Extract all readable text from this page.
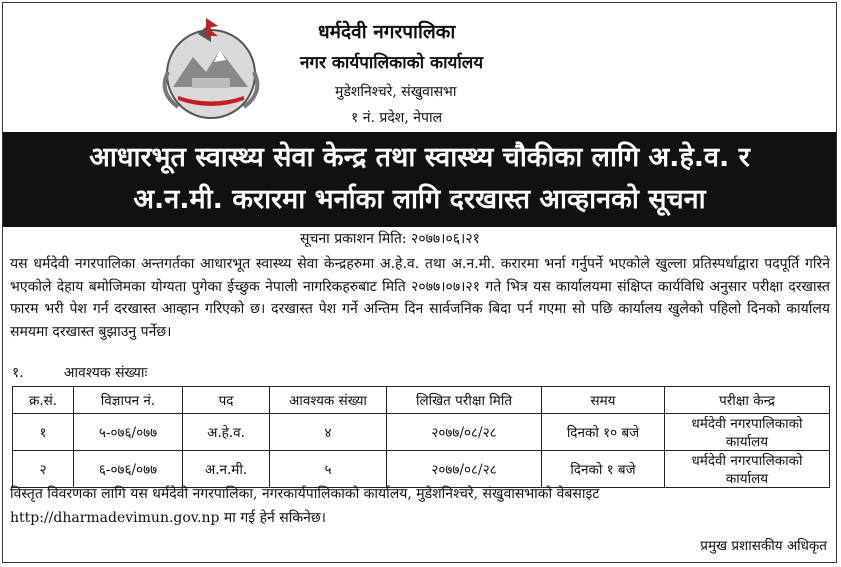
धर्मदेवी नगरपालिका
नगर कार्यपालिकाको कार्यालय
मुडेशनिश्चरे, संखुवासभा
१ नं. प्रदेश, नेपाल
आधारभूत स्वास्थ्य सेवा केन्द्र तथा स्वास्थ्य चौकीका लागि अ.हे.व. र
अ.न.मी. करारमा भर्नाका लागि दरखास्त आव्हानको सूचना
सूचना प्रकाशन मिति: २०७७।०६।२१
यस धर्मदेवी नगरपालिका अन्तगर्तका आधारभूत स्वास्थ्य सेवा केन्द्रहरुमा अ.हे.व. तथा अ.न.मी. करारमा भर्ना गर्नुपर्ने भएकोले खुल्ला प्रतिस्पर्धाद्वारा पदपूर्ति गरिने भएकोले देहाय बमोजिमका योग्यता पुगेका ईच्छुक नेपाली नागरिकहरुबाट मिति २०७७।०७।२१ गते भित्र यस कार्यालयमा संक्षिप्त कार्यविधि अनुसार परीक्षा दरखास्त फारम भरी पेश गर्न दरखास्त आव्हान गरिएको छ। दरखास्त पेश गर्ने अन्तिम दिन सार्वजनिक बिदा पर्न गएमा सो पछि कार्यालय खुलेको पहिलो दिनको कार्यालय समयमा दरखास्त बुझाउनु पर्नेछ।
१.	आवश्यक संख्याः
क्र.सं.	विज्ञापन नं.	पद	आवश्यक संख्या	लिखित परीक्षा मिति	समय	परीक्षा केन्द्र
१	५-०७६/०७७	अ.हे.व.	४	२०७७/०८/२८	दिनको १० बजे	धर्मदेवी नगरपालिकाको कार्यालय
२	६-०७६/०७७	अ.न.मी.	५	२०७७/०८/२८	दिनको १ बजे	धर्मदेवी नगरपालिकाको कार्यालय
विस्तृत विवरणका लागि यस धर्मदेवी नगरपालिका, नगरकार्यपालिकाको कार्यालय, मुडेशनिश्चरे, संखुवासभाको वेबसाइट
http://dharmadevimun.gov.np मा गई हेर्न सकिनेछ।
प्रमुख प्रशासकीय अधिकृत
